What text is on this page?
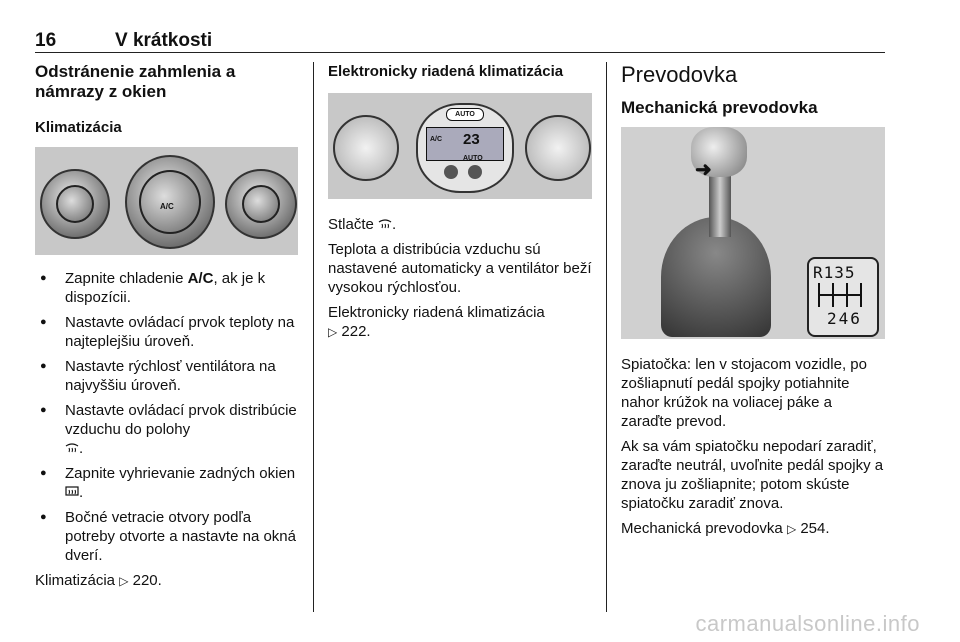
16	V krátkosti
Odstránenie zahmlenia a námrazy z okien
Klimatizácia
A/C
● Zapnite chladenie A/C, ak je k dispozícii.
● Nastavte ovládací prvok teploty na najteplejšiu úroveň.
● Nastavte rýchlosť ventilátora na najvyššiu úroveň.
● Nastavte ovládací prvok distribúcie vzduchu do polohy
.
● Zapnite vyhrievanie zadných okien .
● Bočné vetracie otvory podľa potreby otvorte a nastavte na okná dverí.

Klimatizácia ▷ 220.

Elektronicky riadená klimatizácia
AUTO
A/C 23
AUTO

Stlačte .

Teplota a distribúcia vzduchu sú nastavené automaticky a ventilátor beží vysokou rýchlosťou.

Elektronicky riadená klimatizácia
▷ 222.

Prevodovka
Mechanická prevodovka
➜
R135
246

Spiatočka: len v stojacom vozidle, po zošliapnutí pedál spojky potiahnite nahor krúžok na voliacej páke a zaraďte prevod.

Ak sa vám spiatočku nepodarí zaradiť, zaraďte neutrál, uvoľnite pedál spojky a znova ju zošliapnite; potom skúste spiatočku zaradiť znova.

Mechanická prevodovka ▷ 254.

carmanualsonline.info
